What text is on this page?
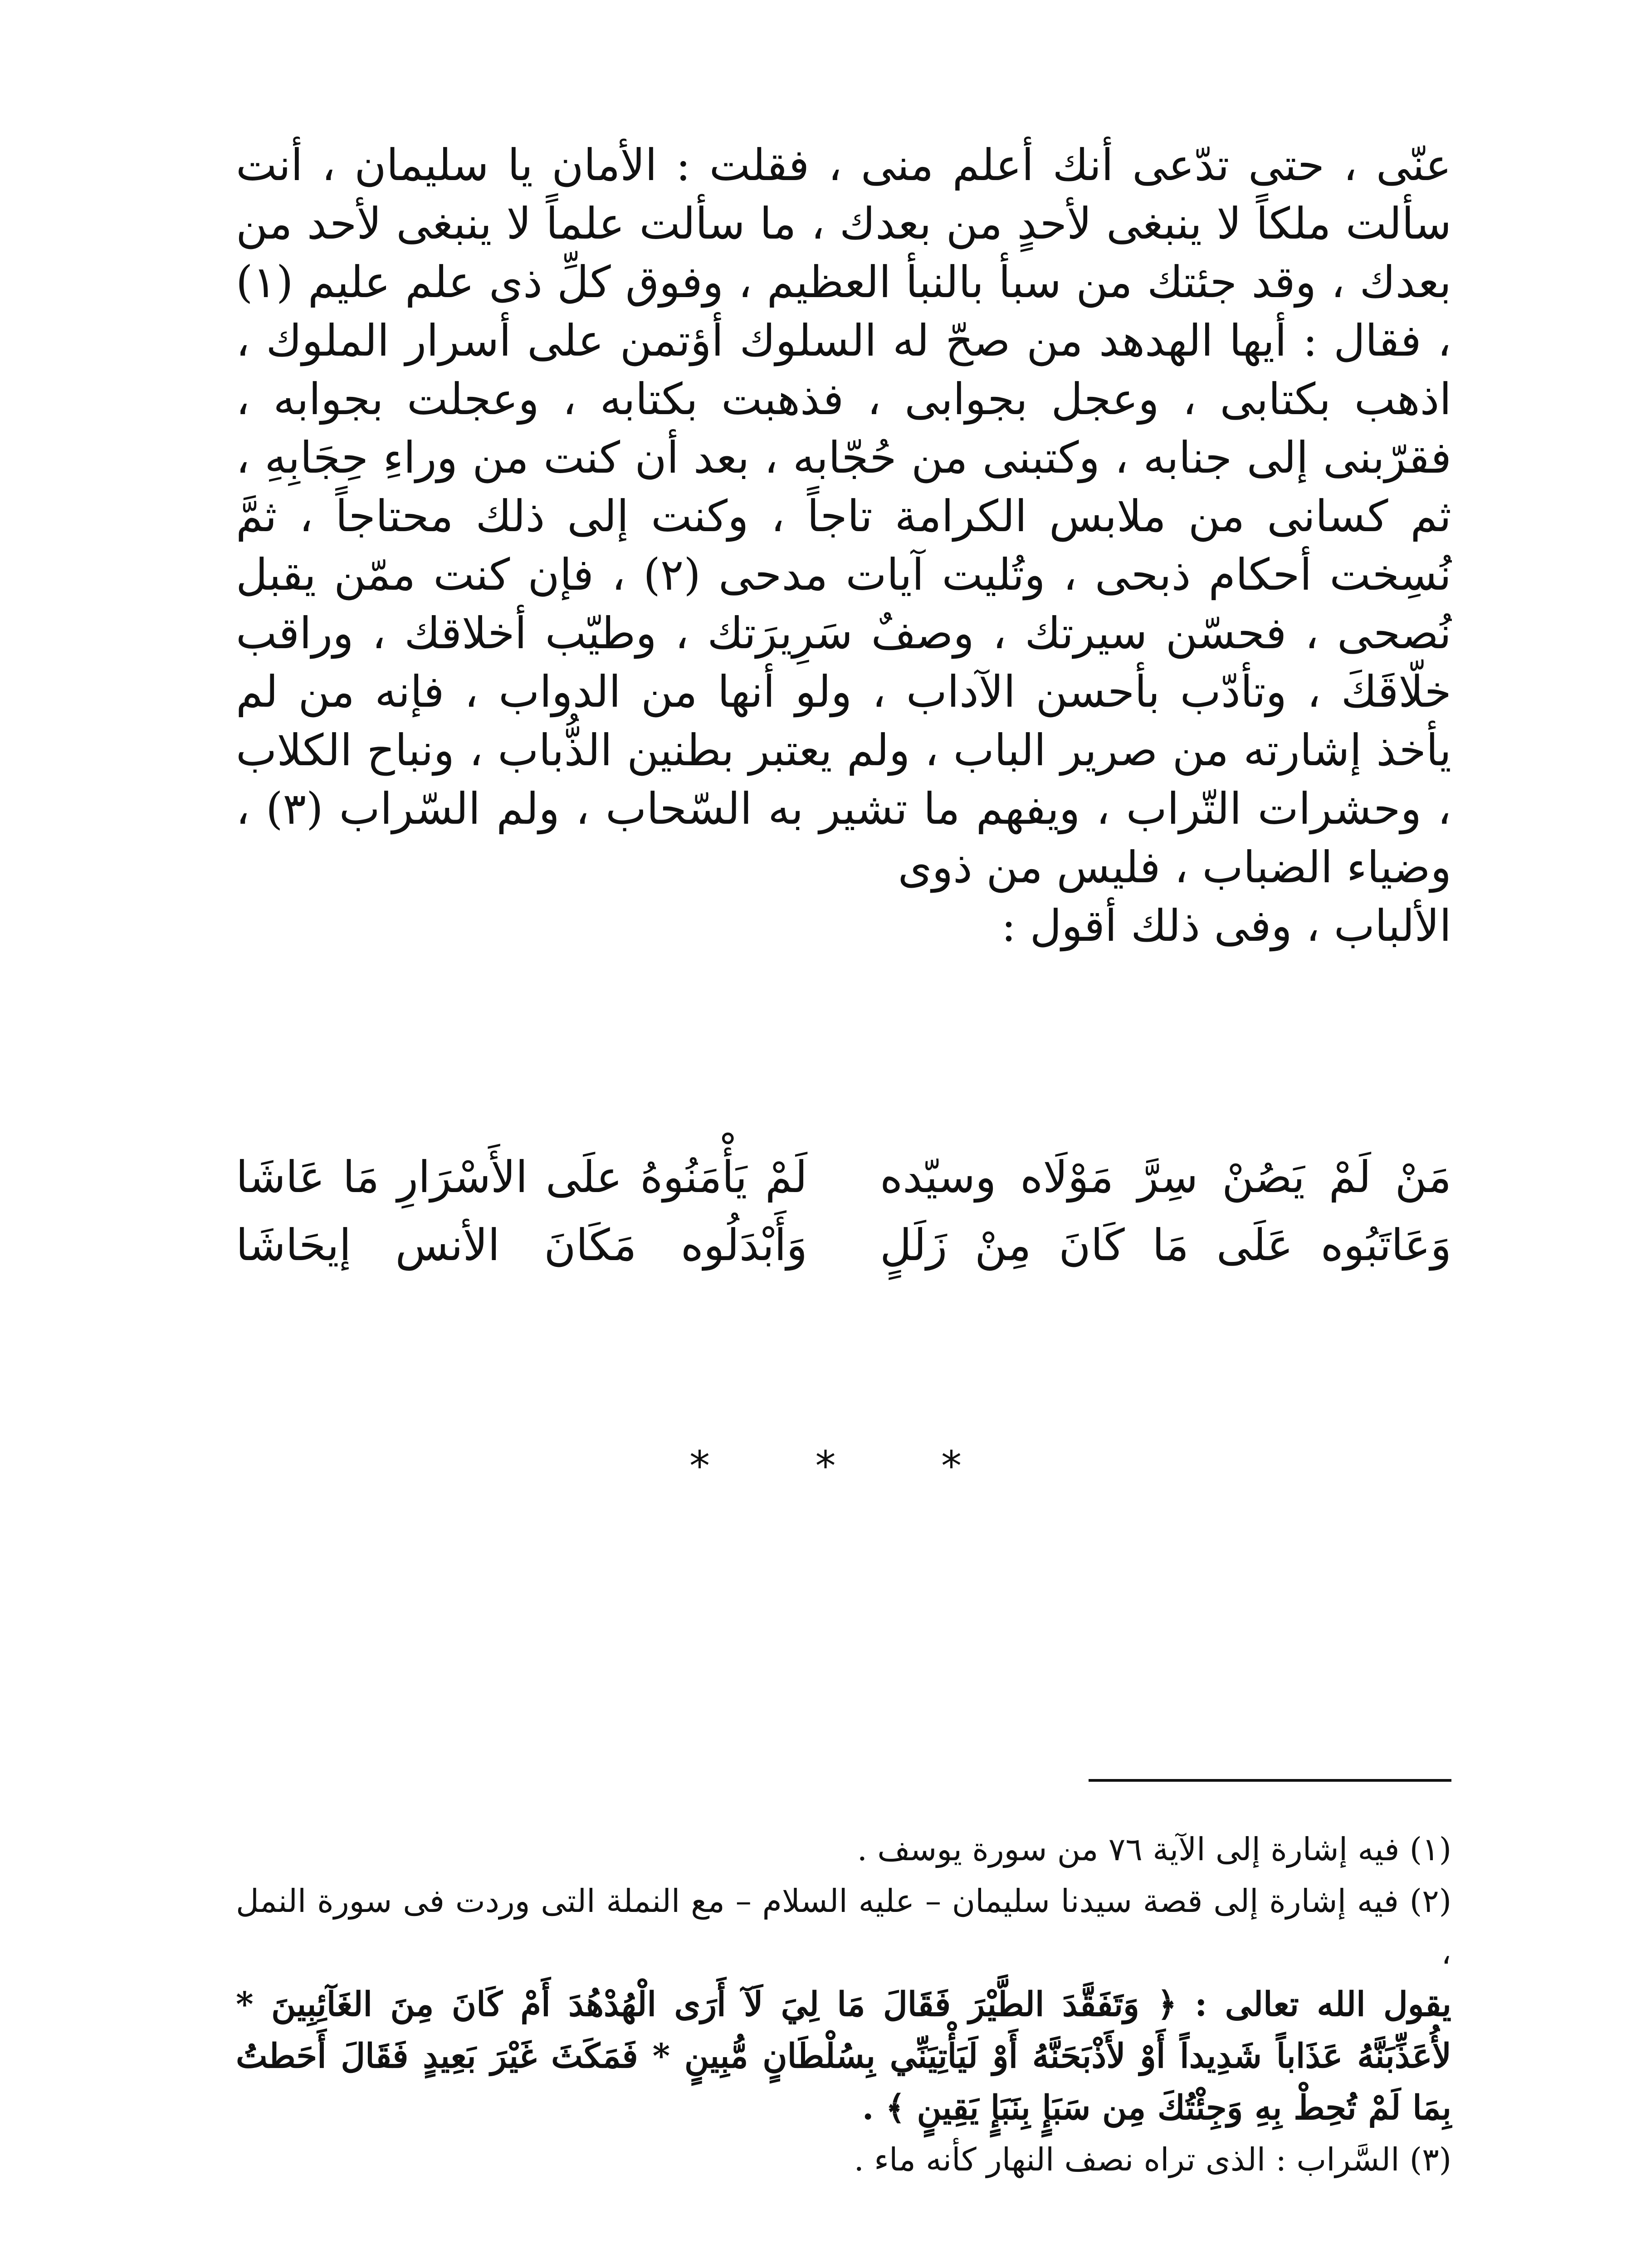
عنّى ، حتى تدّعى أنك أعلم منى ، فقلت : الأمان يا سليمان ، أنت سألت ملكاً لا ينبغى لأحدٍ من بعدك ، ما سألت علماً لا ينبغى لأحد من بعدك ، وقد جئتك من سبأ بالنبأ العظيم ، وفوق كلِّ ذى علم عليم (١) ، فقال : أيها الهدهد من صحّ له السلوك أؤتمن على أسرار الملوك ، اذهب بكتابى ، وعجل بجوابى ، فذهبت بكتابه ، وعجلت بجوابه ، فقرّبنى إلى جنابه ، وكتبنى من حُجّابه ، بعد أن كنت من وراءِ حِجَابِهِ ، ثم كسانى من ملابس الكرامة تاجاً ، وكنت إلى ذلك محتاجاً ، ثمَّ نُسِخت أحكام ذبحى ، وتُليت آيات مدحى (٢) ، فإن كنت ممّن يقبل نُصحى ، فحسّن سيرتك ، وصفٌ سَرِيرَتك ، وطيّب أخلاقك ، وراقب خلّاقَكَ ، وتأدّب بأحسن الآداب ، ولو أنها من الدواب ، فإنه من لم يأخذ إشارته من صرير الباب ، ولم يعتبر بطنين الذُّباب ، ونباح الكلاب ، وحشرات التّراب ، ويفهم ما تشير به السّحاب ، ولم السّراب (٣) ، وضياء الضباب ، فليس من ذوى

الألباب ، وفى ذلك أقول :

مَنْ لَمْ يَصُنْ سِرَّ مَوْلَاه وسيّده
لَمْ يَأْمَنُوهُ علَى الأَسْرَارِ مَا عَاشَا
وَعَاتَبُوه عَلَى مَا كَانَ مِنْ زَلَلٍ
وَأَبْدَلُوه مَكَانَ الأنس إيحَاشَا
*
*
*

(١) فيه إشارة إلى الآية ٧٦ من سورة يوسف .

(٢) فيه إشارة إلى قصة سيدنا سليمان – عليه السلام – مع النملة التى وردت فى سورة النمل ،

يقول الله تعالى : ﴿ وَتَفَقَّدَ الطَّيْرَ فَقَالَ مَا لِيَ لَآ أَرَى الْهُدْهُدَ أَمْ كَانَ مِنَ الغَآئِبِينَ * لأُعَذِّبَنَّهُ عَذَاباً شَدِيداً أَوْ لأَذْبَحَنَّهُ أَوْ لَيَأْتِيَنِّي بِسُلْطَانٍ مُّبِينٍ * فَمَكَثَ غَيْرَ بَعِيدٍ فَقَالَ أَحَطتُ بِمَا لَمْ تُحِطْ بِهِ وَجِئْتُكَ مِن سَبَإٍ بِنَبَإٍ يَقِينٍ ﴾ .

(٣) السَّراب : الذى تراه نصف النهار كأنه ماء .
